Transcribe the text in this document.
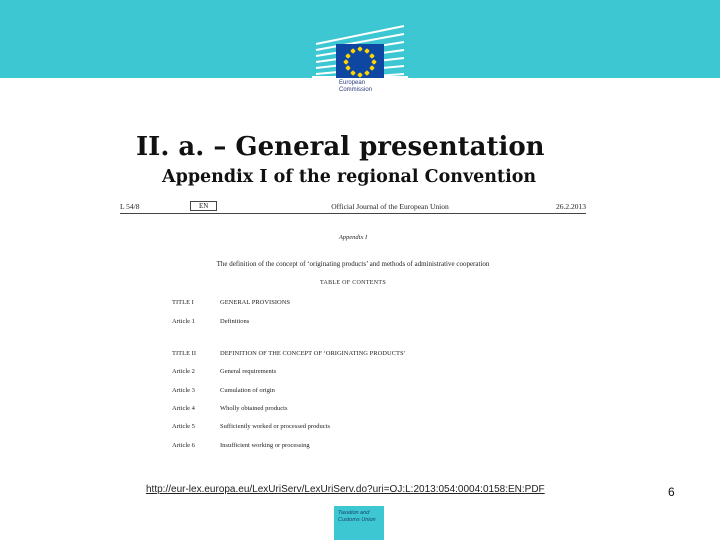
European
Commission
II. a. – General presentation
Appendix I of the regional Convention
L 54/8	EN	Official Journal of the European Union	26.2.2013
Appendix I
The definition of the concept of ‘originating products’ and methods of administrative cooperation
TABLE OF CONTENTS
TITLE I	GENERAL PROVISIONS
Article 1	Definitions
TITLE II	DEFINITION OF THE CONCEPT OF ‘ORIGINATING PRODUCTS’
Article 2	General requirements
Article 3	Cumulation of origin
Article 4	Wholly obtained products
Article 5	Sufficiently worked or processed products
Article 6	Insufficient working or processing
http://eur-lex.europa.eu/LexUriServ/LexUriServ.do?uri=OJ:L:2013:054:0004:0158:EN:PDF	6
Taxation and
Customs Union
